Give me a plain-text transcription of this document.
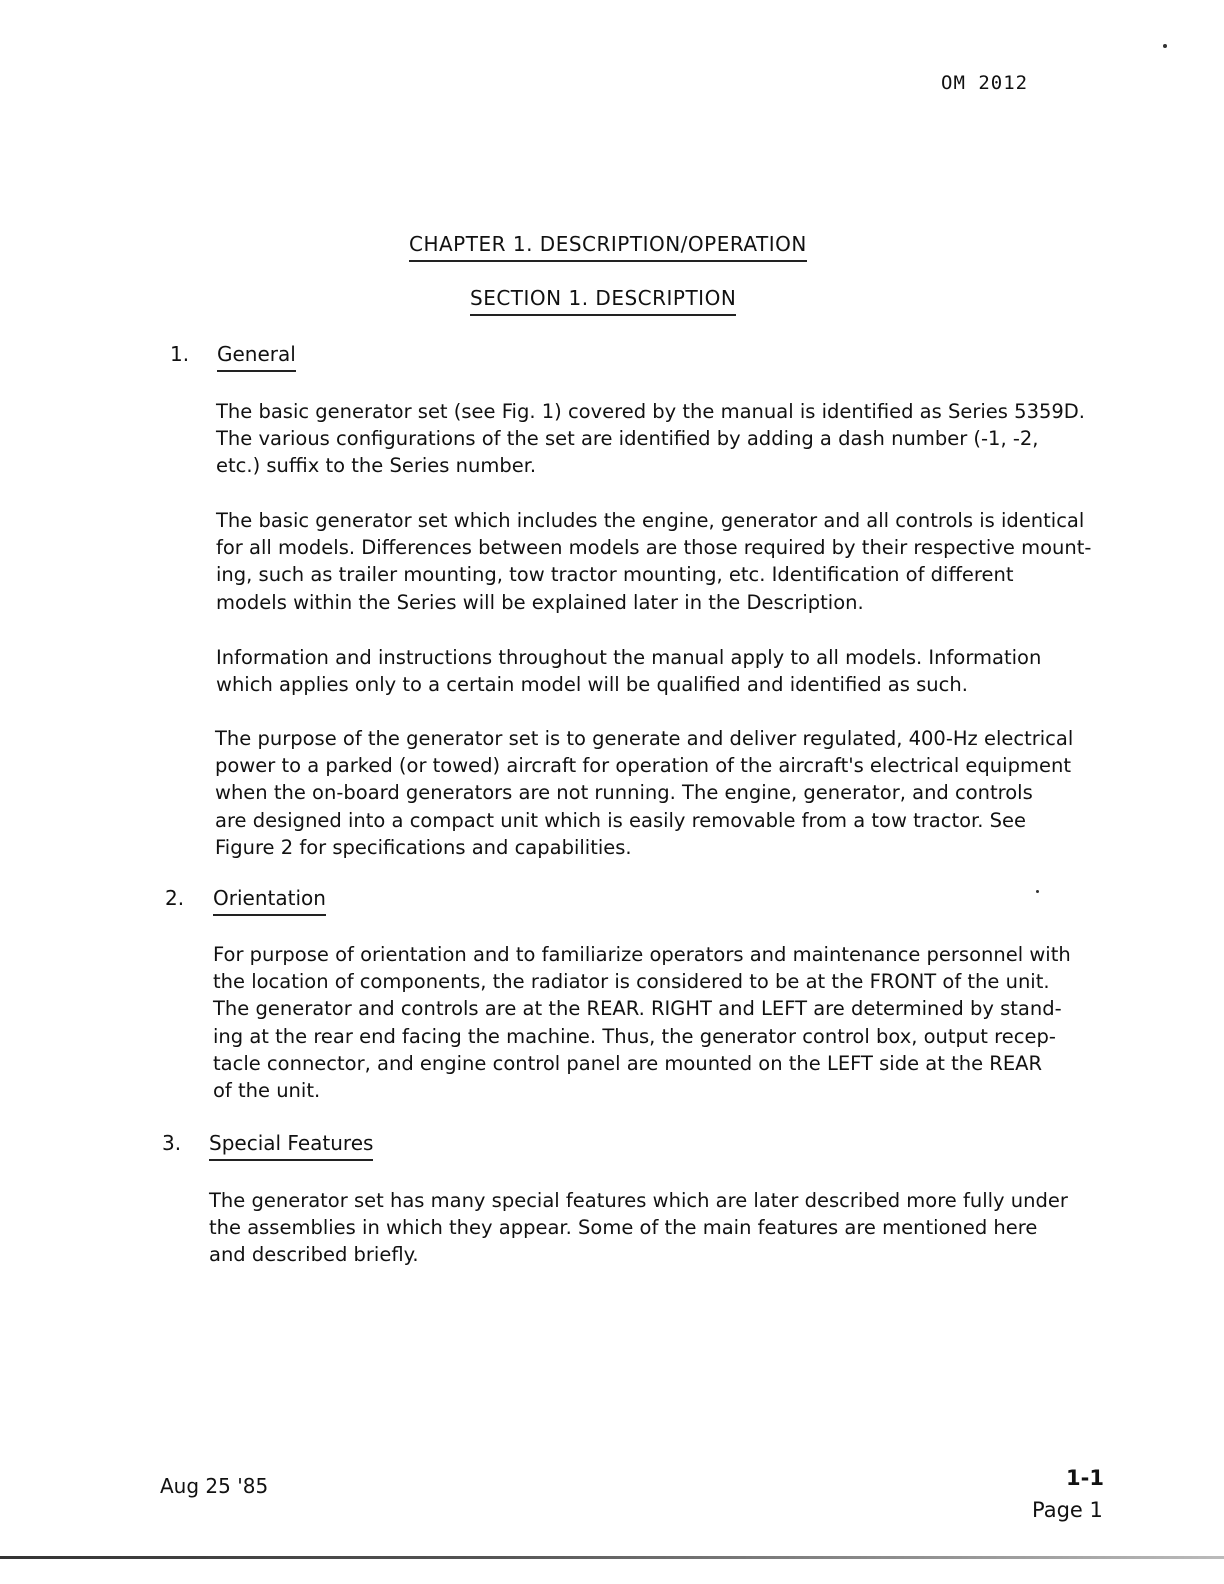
OM 2012
CHAPTER 1. DESCRIPTION/OPERATION
SECTION 1. DESCRIPTION
1. General
The basic generator set (see Fig. 1) covered by the manual is identified as Series 5359D.
The various configurations of the set are identified by adding a dash number (-1, -2,
etc.) suffix to the Series number.
The basic generator set which includes the engine, generator and all controls is identical
for all models. Differences between models are those required by their respective mount-
ing, such as trailer mounting, tow tractor mounting, etc. Identification of different
models within the Series will be explained later in the Description.
Information and instructions throughout the manual apply to all models. Information
which applies only to a certain model will be qualified and identified as such.
The purpose of the generator set is to generate and deliver regulated, 400-Hz electrical
power to a parked (or towed) aircraft for operation of the aircraft's electrical equipment
when the on-board generators are not running. The engine, generator, and controls
are designed into a compact unit which is easily removable from a tow tractor. See
Figure 2 for specifications and capabilities.
2. Orientation
For purpose of orientation and to familiarize operators and maintenance personnel with
the location of components, the radiator is considered to be at the FRONT of the unit.
The generator and controls are at the REAR. RIGHT and LEFT are determined by stand-
ing at the rear end facing the machine. Thus, the generator control box, output recep-
tacle connector, and engine control panel are mounted on the LEFT side at the REAR
of the unit.
3. Special Features
The generator set has many special features which are later described more fully under
the assemblies in which they appear. Some of the main features are mentioned here
and described briefly.
Aug 25 '85	1-1
Page 1
